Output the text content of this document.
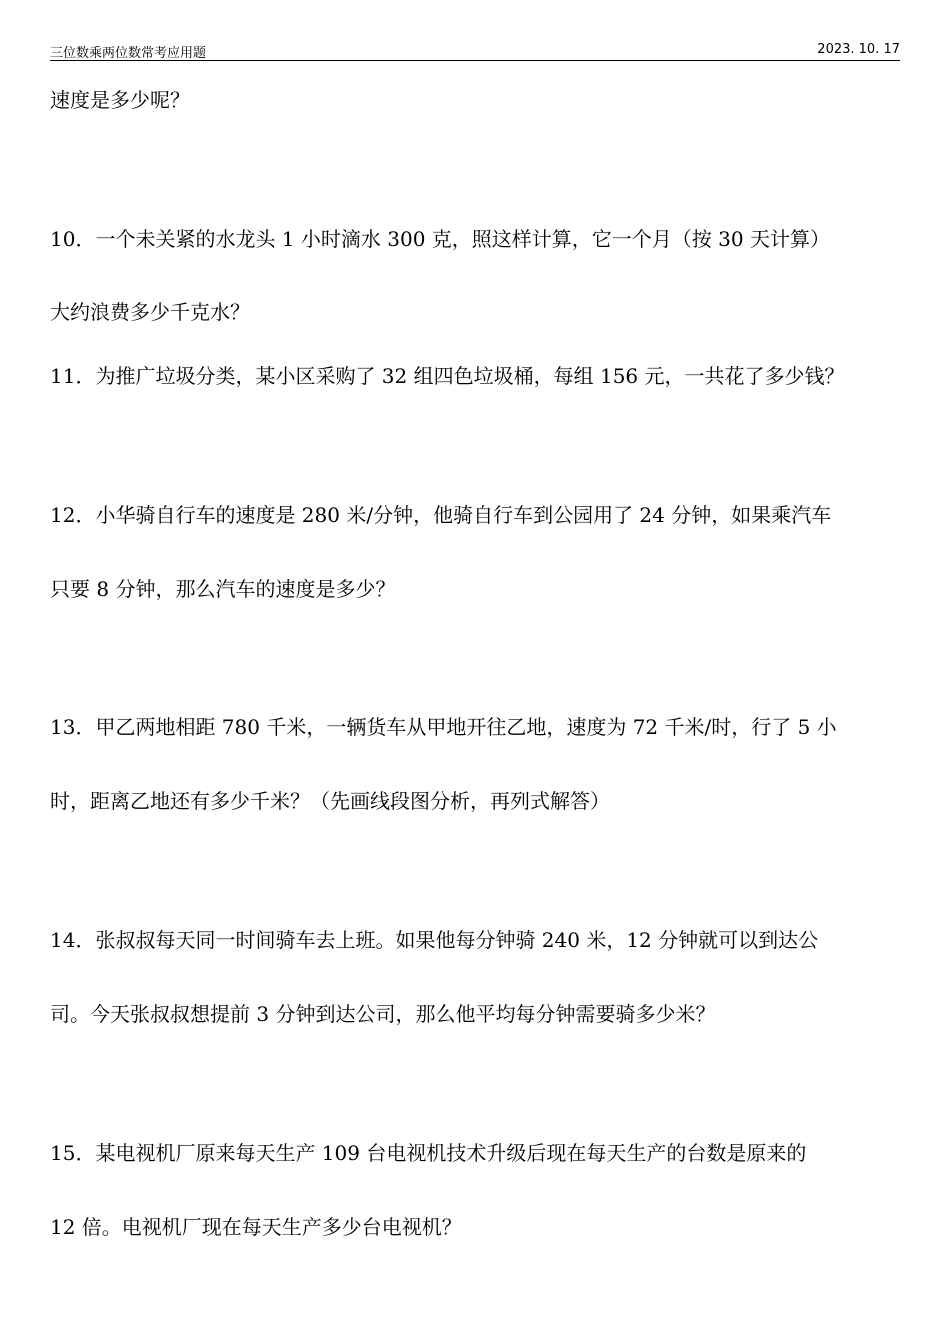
三位数乘两位数常考应用题	2023. 10. 17
速度是多少呢？
10．一个未关紧的水龙头 1 小时滴水 300 克，照这样计算，它一个月（按 30 天计算）
大约浪费多少千克水？
11．为推广垃圾分类，某小区采购了 32 组四色垃圾桶，每组 156 元，一共花了多少钱？
12．小华骑自行车的速度是 280 米/分钟，他骑自行车到公园用了 24 分钟，如果乘汽车
只要 8 分钟，那么汽车的速度是多少？
13．甲乙两地相距 780 千米，一辆货车从甲地开往乙地，速度为 72 千米/时，行了 5 小
时，距离乙地还有多少千米？（先画线段图分析，再列式解答）
14．张叔叔每天同一时间骑车去上班。如果他每分钟骑 240 米，12 分钟就可以到达公
司。今天张叔叔想提前 3 分钟到达公司，那么他平均每分钟需要骑多少米？
15．某电视机厂原来每天生产 109 台电视机技术升级后现在每天生产的台数是原来的
12 倍。电视机厂现在每天生产多少台电视机？
